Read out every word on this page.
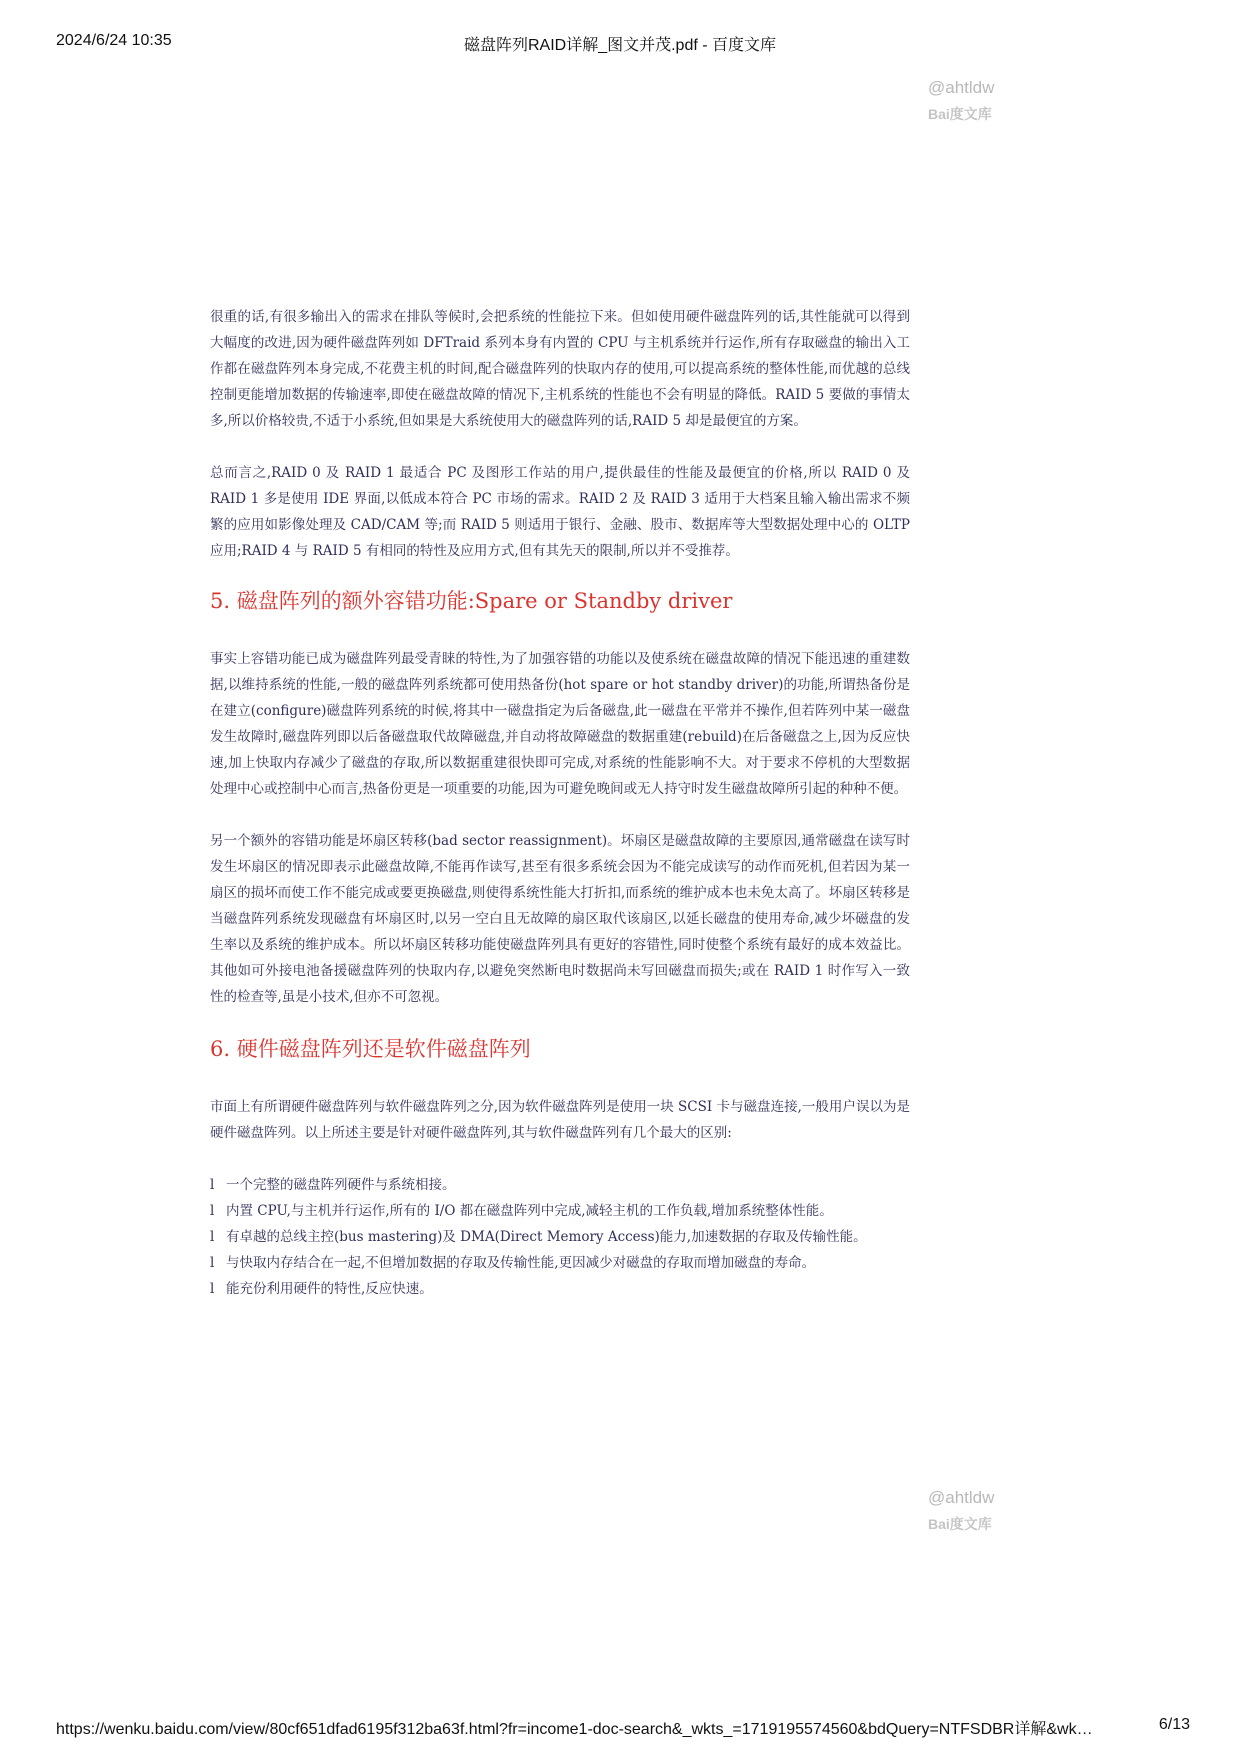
2024/6/24 10:35	磁盘阵列RAID详解_图文并茂.pdf - 百度文库
@ahtldw
Bai度文库

很重的话,有很多输出入的需求在排队等候时,会把系统的性能拉下来。但如使用硬件磁盘阵列的话,其性能就可以得到大幅度的改进,因为硬件磁盘阵列如 DFTraid 系列本身有内置的 CPU 与主机系统并行运作,所有存取磁盘的输出入工作都在磁盘阵列本身完成,不花费主机的时间,配合磁盘阵列的快取内存的使用,可以提高系统的整体性能,而优越的总线控制更能增加数据的传输速率,即使在磁盘故障的情况下,主机系统的性能也不会有明显的降低。RAID 5 要做的事情太多,所以价格较贵,不适于小系统,但如果是大系统使用大的磁盘阵列的话,RAID 5 却是最便宜的方案。

总而言之,RAID 0 及 RAID 1 最适合 PC 及图形工作站的用户,提供最佳的性能及最便宜的价格,所以 RAID 0 及 RAID 1 多是使用 IDE 界面,以低成本符合 PC 市场的需求。RAID 2 及 RAID 3 适用于大档案且输入输出需求不频繁的应用如影像处理及 CAD/CAM 等;而 RAID 5 则适用于银行、金融、股市、数据库等大型数据处理中心的 OLTP 应用;RAID 4 与 RAID 5 有相同的特性及应用方式,但有其先天的限制,所以并不受推荐。

5. 磁盘阵列的额外容错功能:Spare or Standby driver

事实上容错功能已成为磁盘阵列最受青睐的特性,为了加强容错的功能以及使系统在磁盘故障的情况下能迅速的重建数据,以维持系统的性能,一般的磁盘阵列系统都可使用热备份(hot spare or hot standby driver)的功能,所谓热备份是在建立(configure)磁盘阵列系统的时候,将其中一磁盘指定为后备磁盘,此一磁盘在平常并不操作,但若阵列中某一磁盘发生故障时,磁盘阵列即以后备磁盘取代故障磁盘,并自动将故障磁盘的数据重建(rebuild)在后备磁盘之上,因为反应快速,加上快取内存减少了磁盘的存取,所以数据重建很快即可完成,对系统的性能影响不大。对于要求不停机的大型数据处理中心或控制中心而言,热备份更是一项重要的功能,因为可避免晚间或无人持守时发生磁盘故障所引起的种种不便。

另一个额外的容错功能是坏扇区转移(bad sector reassignment)。坏扇区是磁盘故障的主要原因,通常磁盘在读写时发生坏扇区的情况即表示此磁盘故障,不能再作读写,甚至有很多系统会因为不能完成读写的动作而死机,但若因为某一扇区的损坏而使工作不能完成或要更换磁盘,则使得系统性能大打折扣,而系统的维护成本也未免太高了。坏扇区转移是当磁盘阵列系统发现磁盘有坏扇区时,以另一空白且无故障的扇区取代该扇区,以延长磁盘的使用寿命,减少坏磁盘的发生率以及系统的维护成本。所以坏扇区转移功能使磁盘阵列具有更好的容错性,同时使整个系统有最好的成本效益比。其他如可外接电池备援磁盘阵列的快取内存,以避免突然断电时数据尚未写回磁盘而损失;或在 RAID 1 时作写入一致性的检查等,虽是小技术,但亦不可忽视。

6. 硬件磁盘阵列还是软件磁盘阵列

市面上有所谓硬件磁盘阵列与软件磁盘阵列之分,因为软件磁盘阵列是使用一块 SCSI 卡与磁盘连接,一般用户误以为是硬件磁盘阵列。以上所述主要是针对硬件磁盘阵列,其与软件磁盘阵列有几个最大的区别:

l 一个完整的磁盘阵列硬件与系统相接。

l 内置 CPU,与主机并行运作,所有的 I/O 都在磁盘阵列中完成,减轻主机的工作负载,增加系统整体性能。

l 有卓越的总线主控(bus mastering)及 DMA(Direct Memory Access)能力,加速数据的存取及传输性能。

l 与快取内存结合在一起,不但增加数据的存取及传输性能,更因减少对磁盘的存取而增加磁盘的寿命。

l 能充份利用硬件的特性,反应快速。

@ahtldw
Bai度文库
https://wenku.baidu.com/view/80cf651dfad6195f312ba63f.html?fr=income1-doc-search&_wkts_=1719195574560&bdQuery=NTFSDBR详解&wk…	6/13
